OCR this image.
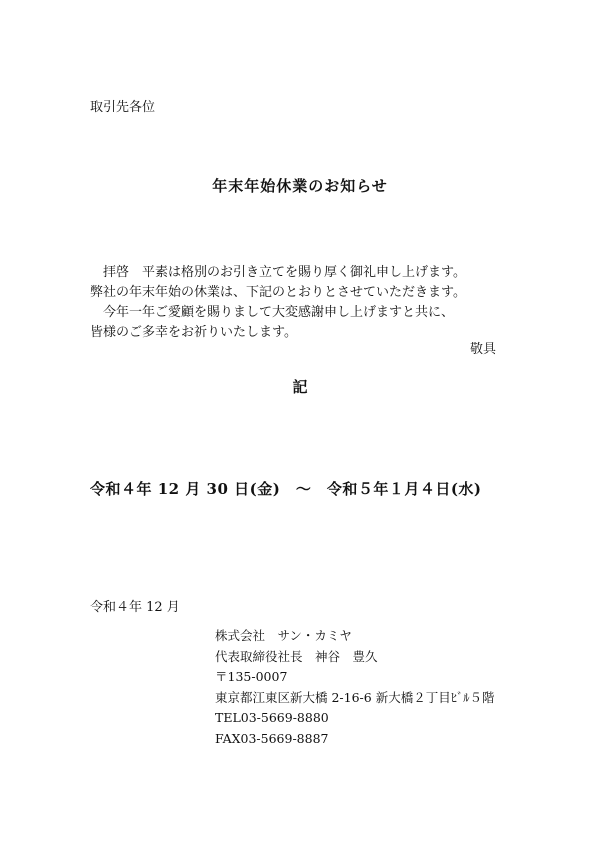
取引先各位
年末年始休業のお知らせ
　拝啓　平素は格別のお引き立てを賜り厚く御礼申し上げます。
弊社の年末年始の休業は、下記のとおりとさせていただきます。
　今年一年ご愛顧を賜りまして大変感謝申し上げますと共に、
皆様のご多幸をお祈りいたします。
敬具
記
令和４年 12 月 30 日(金)　～　令和５年１月４日(水)
令和４年 12 月
株式会社　サン・カミヤ
代表取締役社長　神谷　豊久
〒135-0007
東京都江東区新大橋 2-16-6 新大橋２丁目ﾋﾞﾙ５階
TEL03-5669-8880
FAX03-5669-8887
